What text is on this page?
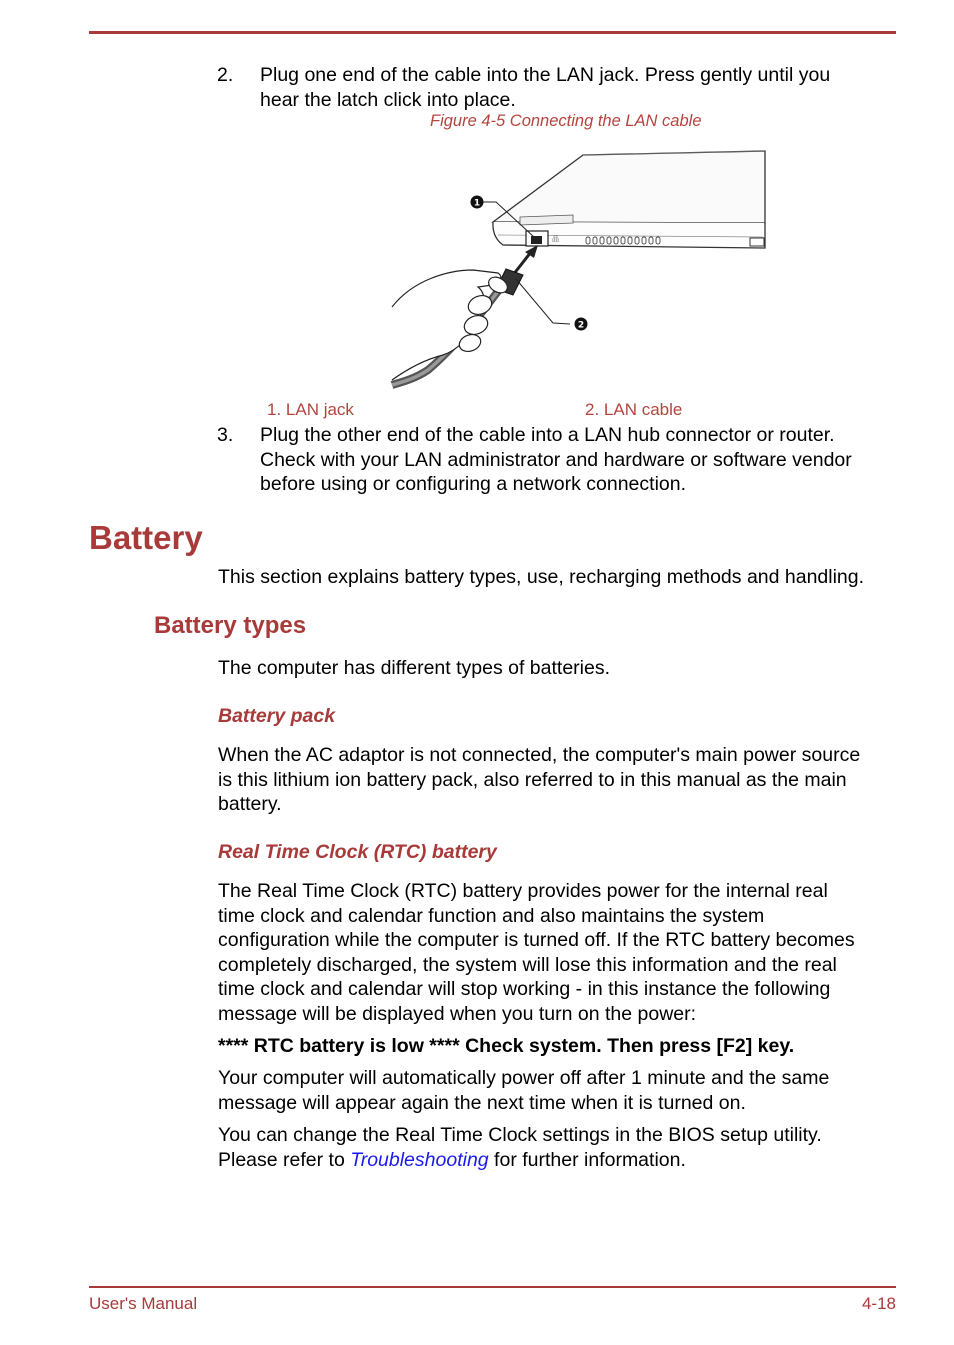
2. Plug one end of the cable into the LAN jack. Press gently until you
hear the latch click into place.
Figure 4-5 Connecting the LAN cable
品
1
2
1. LAN jack	2. LAN cable
3. Plug the other end of the cable into a LAN hub connector or router.
Check with your LAN administrator and hardware or software vendor
before using or configuring a network connection.
Battery
This section explains battery types, use, recharging methods and handling.
Battery types
The computer has different types of batteries.
Battery pack
When the AC adaptor is not connected, the computer's main power source
is this lithium ion battery pack, also referred to in this manual as the main
battery.
Real Time Clock (RTC) battery
The Real Time Clock (RTC) battery provides power for the internal real
time clock and calendar function and also maintains the system
configuration while the computer is turned off. If the RTC battery becomes
completely discharged, the system will lose this information and the real
time clock and calendar will stop working - in this instance the following
message will be displayed when you turn on the power:
**** RTC battery is low **** Check system. Then press [F2] key.
Your computer will automatically power off after 1 minute and the same
message will appear again the next time when it is turned on.
You can change the Real Time Clock settings in the BIOS setup utility.
Please refer to Troubleshooting for further information.
User's Manual	4-18
